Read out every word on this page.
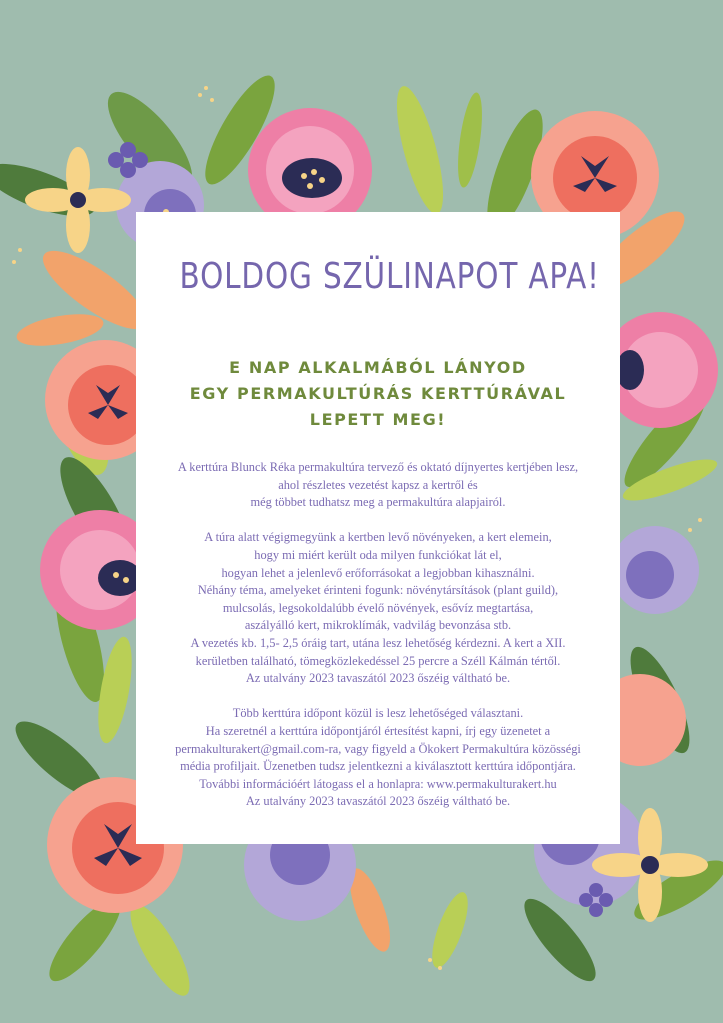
BOLDOG SZÜLINAPOT APA!
E NAP ALKALMÁBÓL LÁNYOD
EGY PERMAKULTÚRÁS KERTTÚRÁVAL
LEPETT MEG!
A kerttúra Blunck Réka permakultúra tervező és oktató díjnyertes kertjében lesz,
ahol részletes vezetést kapsz a kertről és
még többet tudhatsz meg a permakultúra alapjairól.
A túra alatt végigmegyünk a kertben levő növényeken, a kert elemein,
hogy mi miért került oda milyen funkciókat lát el,
hogyan lehet a jelenlevő erőforrásokat a legjobban kihasználni.
Néhány téma, amelyeket érinteni fogunk: növénytársítások (plant guild),
mulcsolás, legsokoldalúbb évelő növények, esővíz megtartása,
aszályálló kert, mikroklímák, vadvilág bevonzása stb.
A vezetés kb. 1,5- 2,5 óráig tart, utána lesz lehetőség kérdezni. A kert a XII.
kerületben található, tömegközlekedéssel 25 percre a Széll Kálmán tértől.
Az utalvány 2023 tavaszától 2023 őszéig váltható be.
Több kerttúra időpont közül is lesz lehetőséged választani.
Ha szeretnél a kerttúra időpontjáról értesítést kapni, írj egy üzenetet a
permakulturakert@gmail.com-ra, vagy figyeld a Ökokert Permakultúra közösségi
média profiljait. Üzenetben tudsz jelentkezni a kiválasztott kerttúra időpontjára.
További információért látogass el a honlapra: www.permakulturakert.hu
Az utalvány 2023 tavaszától 2023 őszéig váltható be.
